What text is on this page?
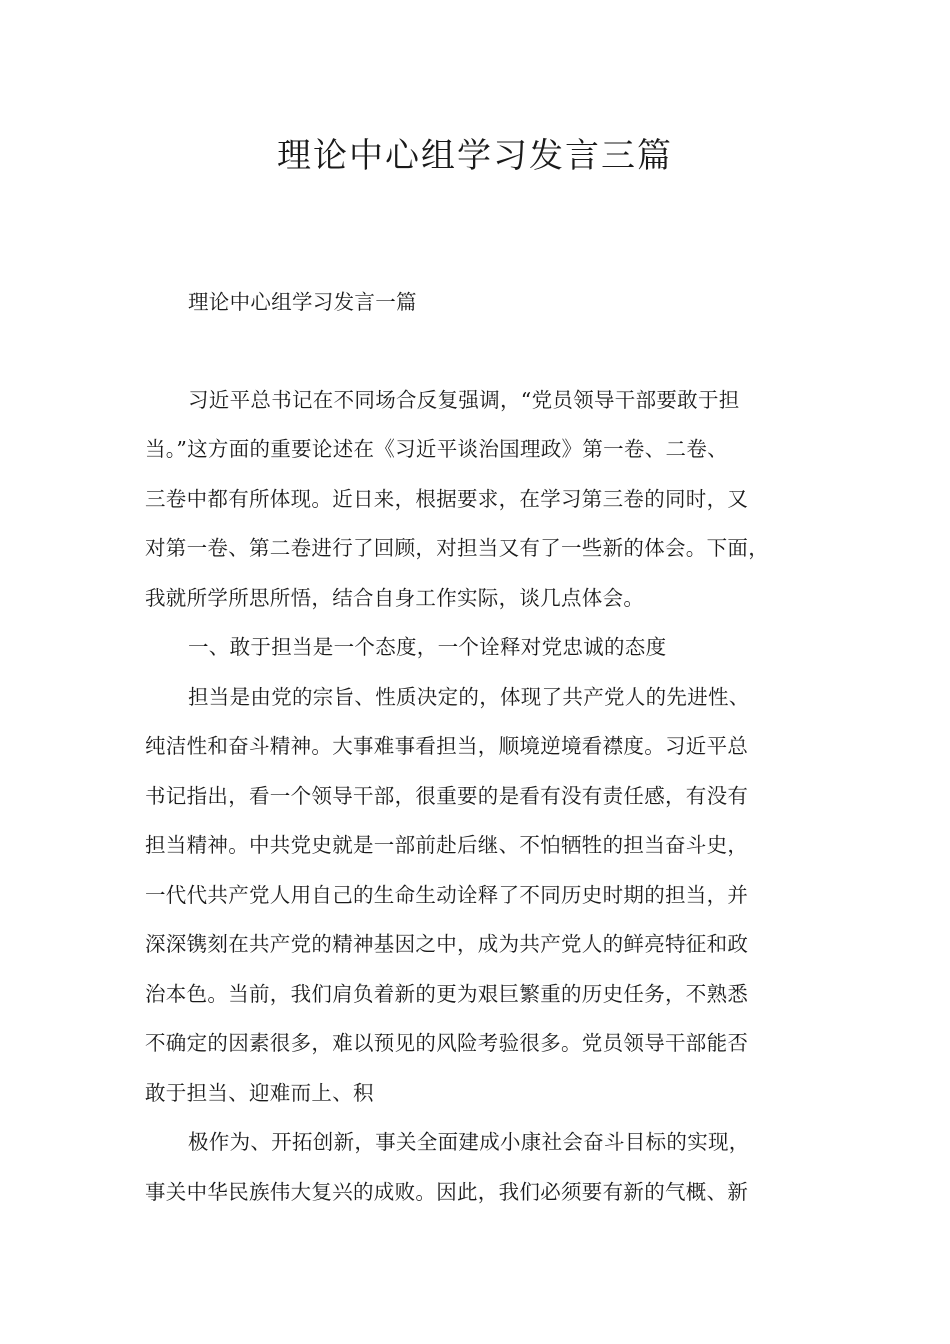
理论中心组学习发言三篇
理论中心组学习发言一篇
习近平总书记在不同场合反复强调，“党员领导干部要敢于担
当。”这方面的重要论述在《习近平谈治国理政》第一卷、二卷、
三卷中都有所体现。近日来，根据要求，在学习第三卷的同时，又
对第一卷、第二卷进行了回顾，对担当又有了一些新的体会。下面，
我就所学所思所悟，结合自身工作实际，谈几点体会。
一、敢于担当是一个态度，一个诠释对党忠诚的态度
担当是由党的宗旨、性质决定的，体现了共产党人的先进性、
纯洁性和奋斗精神。大事难事看担当，顺境逆境看襟度。习近平总
书记指出，看一个领导干部，很重要的是看有没有责任感，有没有
担当精神。中共党史就是一部前赴后继、不怕牺牲的担当奋斗史，
一代代共产党人用自己的生命生动诠释了不同历史时期的担当，并
深深镌刻在共产党的精神基因之中，成为共产党人的鲜亮特征和政
治本色。当前，我们肩负着新的更为艰巨繁重的历史任务，不熟悉
不确定的因素很多，难以预见的风险考验很多。党员领导干部能否
敢于担当、迎难而上、积
极作为、开拓创新，事关全面建成小康社会奋斗目标的实现，
事关中华民族伟大复兴的成败。因此，我们必须要有新的气概、新
